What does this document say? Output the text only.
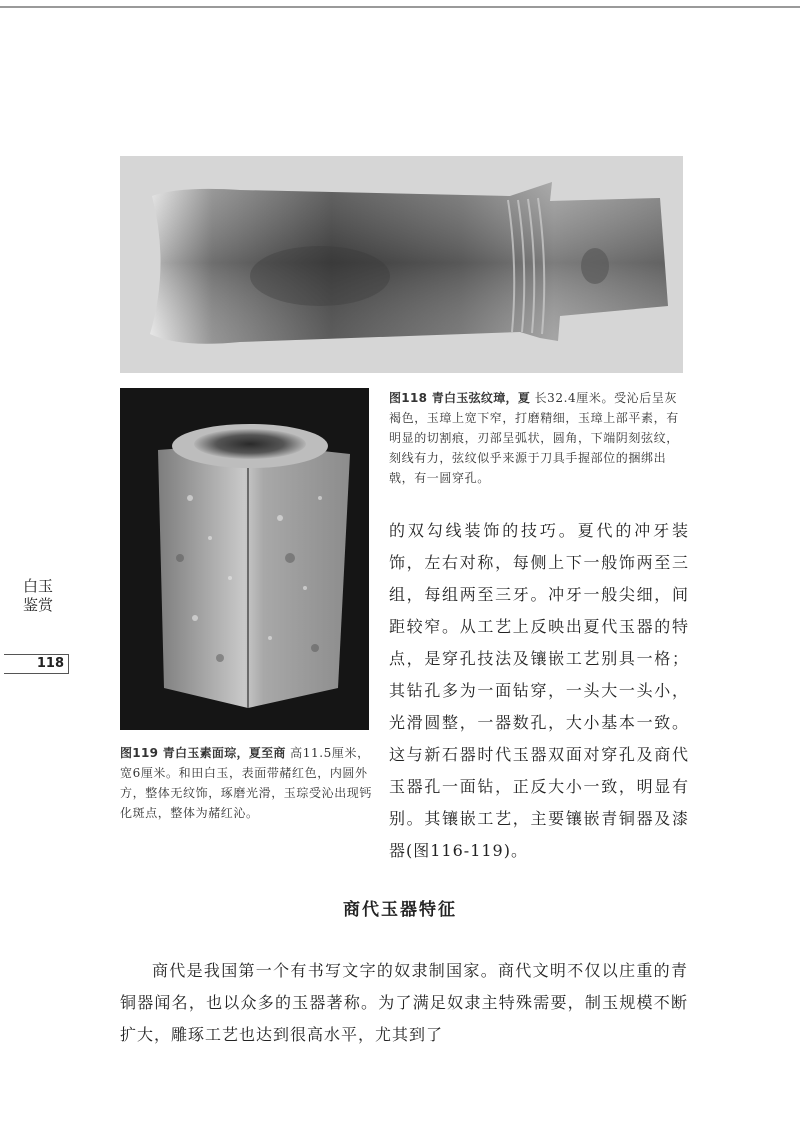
图118 青白玉弦纹璋，夏 长32.4厘米。受沁后呈灰褐色，玉璋上宽下窄，打磨精细，玉璋上部平素，有明显的切割痕，刃部呈弧状，圆角，下端阴刻弦纹，刻线有力，弦纹似乎来源于刀具手握部位的捆绑出戟，有一圆穿孔。

的双勾线装饰的技巧。夏代的冲牙装饰，左右对称，每侧上下一般饰两至三组，每组两至三牙。冲牙一般尖细，间距较窄。从工艺上反映出夏代玉器的特点，是穿孔技法及镶嵌工艺别具一格；其钻孔多为一面钻穿，一头大一头小，光滑圆整，一器数孔，大小基本一致。这与新石器时代玉器双面对穿孔及商代玉器孔一面钻，正反大小一致，明显有别。其镶嵌工艺，主要镶嵌青铜器及漆器(图116-119)。

图119 青白玉素面琮，夏至商 高11.5厘米，宽6厘米。和田白玉，表面带赭红色，内圆外方，整体无纹饰，琢磨光滑，玉琮受沁出现钙化斑点，整体为赭红沁。

商代玉器特征

商代是我国第一个有书写文字的奴隶制国家。商代文明不仅以庄重的青铜器闻名，也以众多的玉器著称。为了满足奴隶主特殊需要，制玉规模不断扩大，雕琢工艺也达到很高水平，尤其到了

白玉鉴赏

118
